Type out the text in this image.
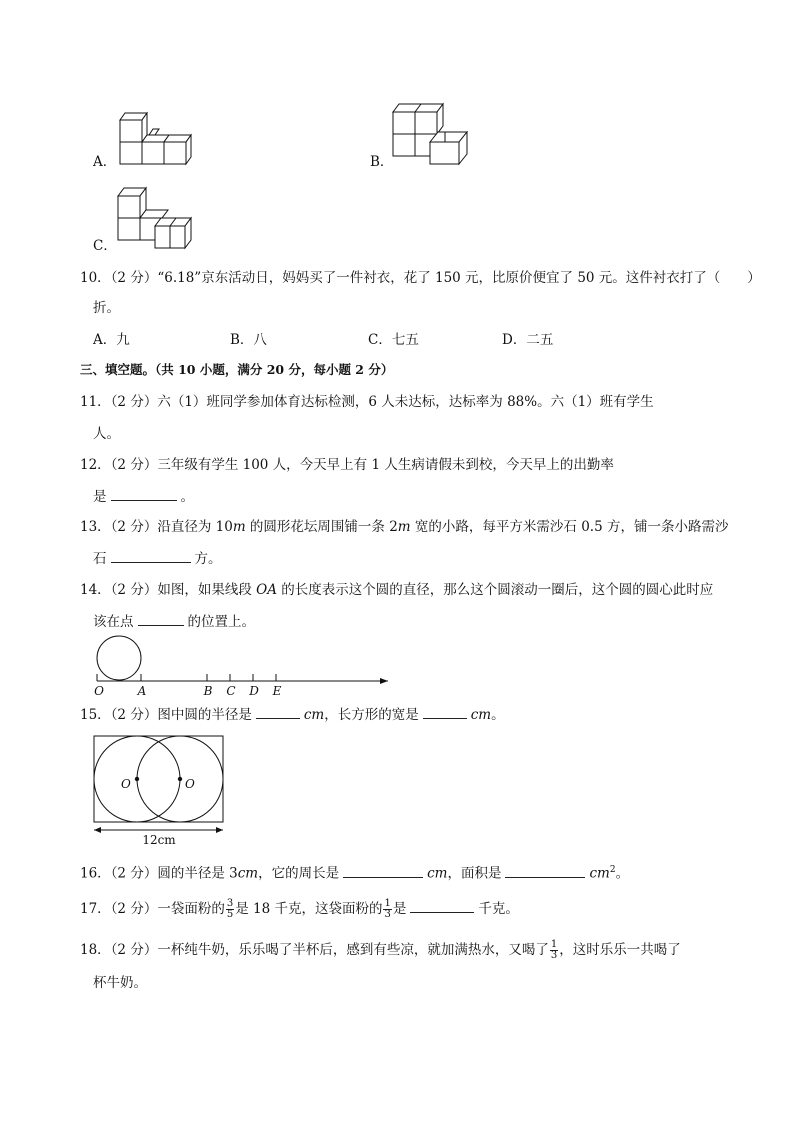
A．	B．
C．
10．（2 分）“6.18”京东活动日，妈妈买了一件衬衣，花了 150 元，比原价便宜了 50 元。这件衬衣打了（　　）
折。
A．九	B．八	C．七五	D．二五
三、填空题。（共 10 小题，满分 20 分，每小题 2 分）
11．（2 分）六（1）班同学参加体育达标检测，6 人未达标，达标率为 88%。六（1）班有学生
人。
12．（2 分）三年级有学生 100 人，今天早上有 1 人生病请假未到校，今天早上的出勤率
是	。
13．（2 分）沿直径为 10m 的圆形花坛周围铺一条 2m 宽的小路，每平方米需沙石 0.5 方，铺一条小路需沙
石	方。
14．（2 分）如图，如果线段 OA 的长度表示这个圆的直径，那么这个圆滚动一圈后，这个圆的圆心此时应
该在点	的位置上。
O	A	B C D E
15．（2 分）图中圆的半径是	cm，长方形的宽是	cm。
O	O
12cm
16．（2 分）圆的半径是 3cm，它的周长是	cm，面积是	$cm^2$。
17．（2 分）一袋面粉的 $\frac{3}{5}$ 是 18 千克，这袋面粉的 $\frac{1}{3}$ 是	千克。
18．（2 分）一杯纯牛奶，乐乐喝了半杯后，感到有些凉，就加满热水，又喝了 $\frac{1}{3}$ ，这时乐乐一共喝了
杯牛奶。
